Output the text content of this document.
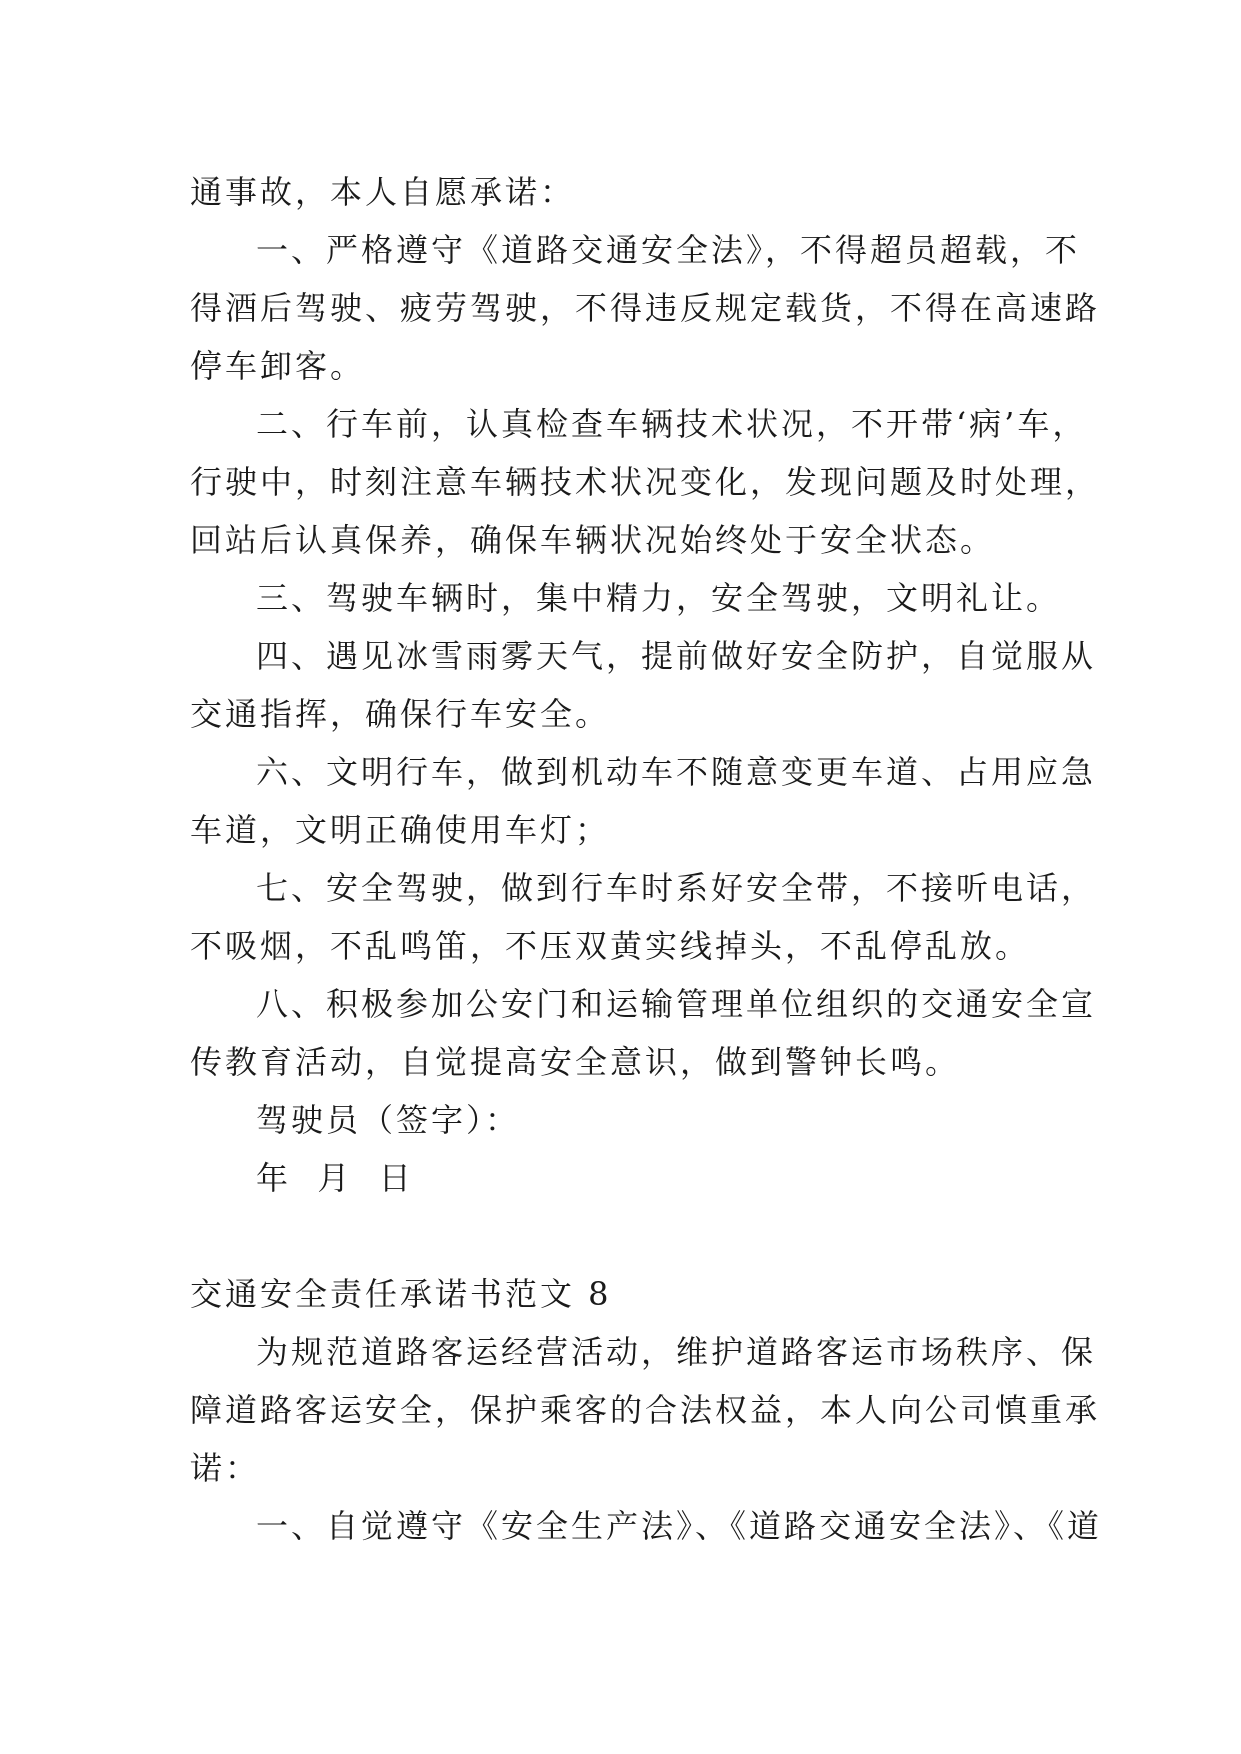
通事故，本人自愿承诺：
一、严格遵守《道路交通安全法》，不得超员超载，不
得酒后驾驶、疲劳驾驶，不得违反规定载货，不得在高速路
停车卸客。
二、行车前，认真检查车辆技术状况，不开带‘病’车，
行驶中，时刻注意车辆技术状况变化，发现问题及时处理，
回站后认真保养，确保车辆状况始终处于安全状态。
三、驾驶车辆时，集中精力，安全驾驶，文明礼让。
四、遇见冰雪雨雾天气，提前做好安全防护，自觉服从
交通指挥，确保行车安全。
六、文明行车，做到机动车不随意变更车道、占用应急
车道，文明正确使用车灯；
七、安全驾驶，做到行车时系好安全带，不接听电话，
不吸烟，不乱鸣笛，不压双黄实线掉头，不乱停乱放。
八、积极参加公安门和运输管理单位组织的交通安全宣
传教育活动，自觉提高安全意识，做到警钟长鸣。
驾驶员（签字）：
年  月  日
交通安全责任承诺书范文 8
为规范道路客运经营活动，维护道路客运市场秩序、保
障道路客运安全，保护乘客的合法权益，本人向公司慎重承
诺：
一、自觉遵守《安全生产法》、《道路交通安全法》、《道
